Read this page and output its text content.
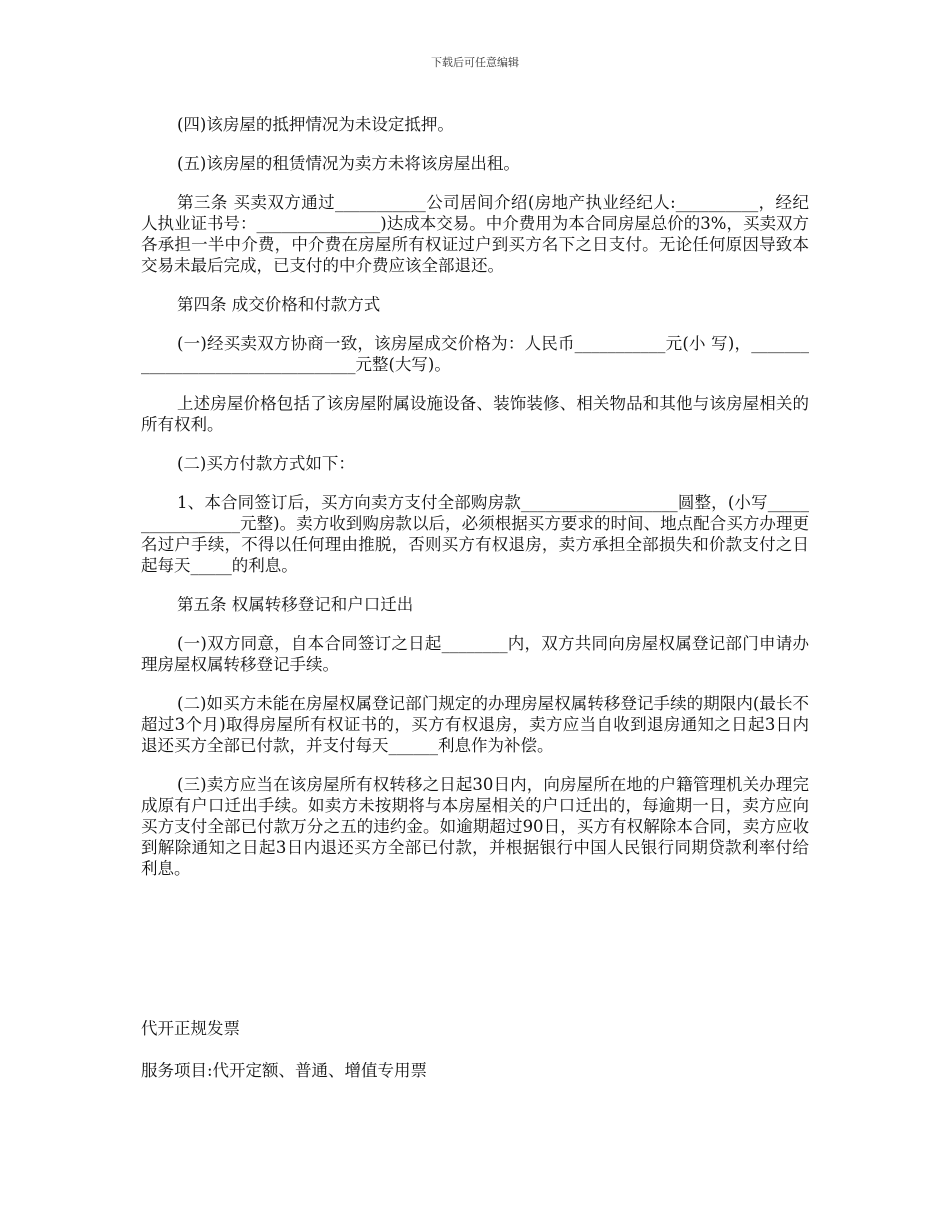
下载后可任意编辑

(四)该房屋的抵押情况为未设定抵押。

(五)该房屋的租赁情况为卖方未将该房屋出租。

第三条 买卖双方通过___________公司居间介绍(房地产执业经纪人:__________，经纪人执业证书号：_______________)达成本交易。中介费用为本合同房屋总价的3%，买卖双方各承担一半中介费，中介费在房屋所有权证过户到买方名下之日支付。无论任何原因导致本交易未最后完成，已支付的中介费应该全部退还。

第四条 成交价格和付款方式

(一)经买卖双方协商一致，该房屋成交价格为：人民币___________元(小 写)，_________________________________元整(大写)。

上述房屋价格包括了该房屋附属设施设备、装饰装修、相关物品和其他与该房屋相关的所有权利。

(二)买方付款方式如下：

1、本合同签订后，买方向卖方支付全部购房款___________________圆整，(小写_________________元整)。卖方收到购房款以后，必须根据买方要求的时间、地点配合买方办理更名过户手续，不得以任何理由推脱，否则买方有权退房，卖方承担全部损失和价款支付之日起每天_____的利息。

第五条 权属转移登记和户口迁出

(一)双方同意，自本合同签订之日起________内，双方共同向房屋权属登记部门申请办理房屋权属转移登记手续。

(二)如买方未能在房屋权属登记部门规定的办理房屋权属转移登记手续的期限内(最长不超过3个月)取得房屋所有权证书的，买方有权退房，卖方应当自收到退房通知之日起3日内退还买方全部已付款，并支付每天______利息作为补偿。

(三)卖方应当在该房屋所有权转移之日起30日内，向房屋所在地的户籍管理机关办理完成原有户口迁出手续。如卖方未按期将与本房屋相关的户口迁出的，每逾期一日，卖方应向买方支付全部已付款万分之五的违约金。如逾期超过90日，买方有权解除本合同，卖方应收到解除通知之日起3日内退还买方全部已付款，并根据银行中国人民银行同期贷款利率付给利息。

代开正规发票

服务项目:代开定额、普通、增值专用票
